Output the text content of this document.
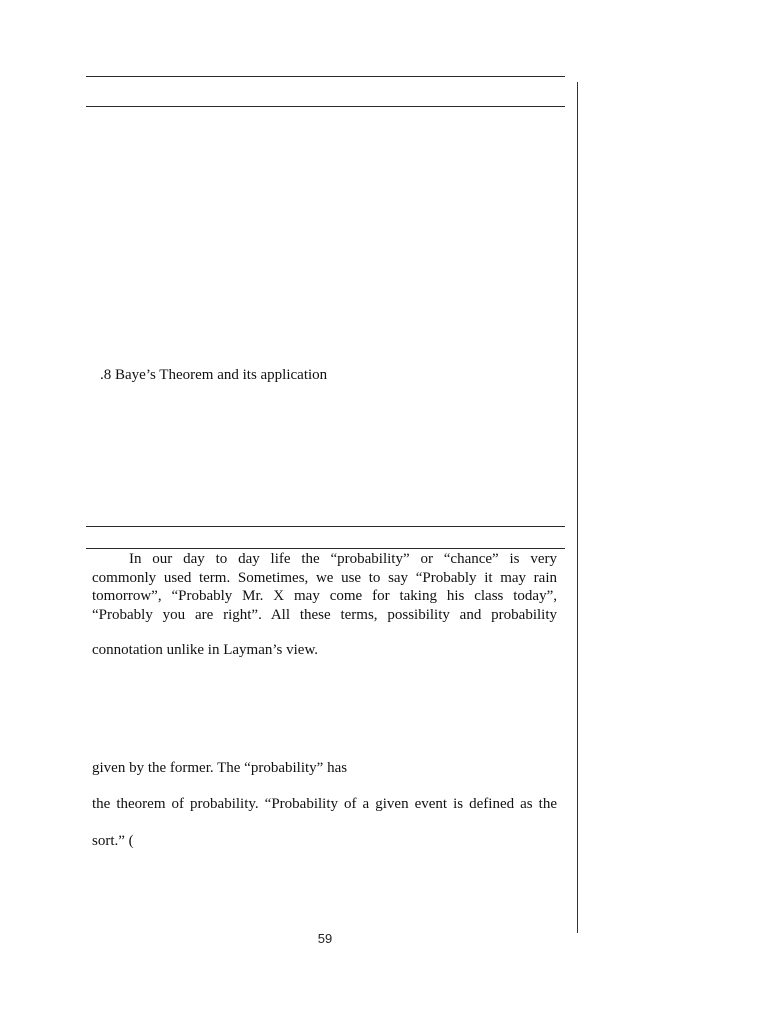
.8 Baye’s Theorem and its application
In our day to day life the “probability” or “chance” is very
commonly used term. Sometimes, we use to say “Probably it may rain
tomorrow”, “Probably Mr. X may come for taking his class today”,
“Probably you are right”. All these terms, possibility and probability
connotation unlike in Layman’s view.
given by the former. The “probability” has
the theorem of probability. “Probability of a given event is defined as the
sort.” (
59
